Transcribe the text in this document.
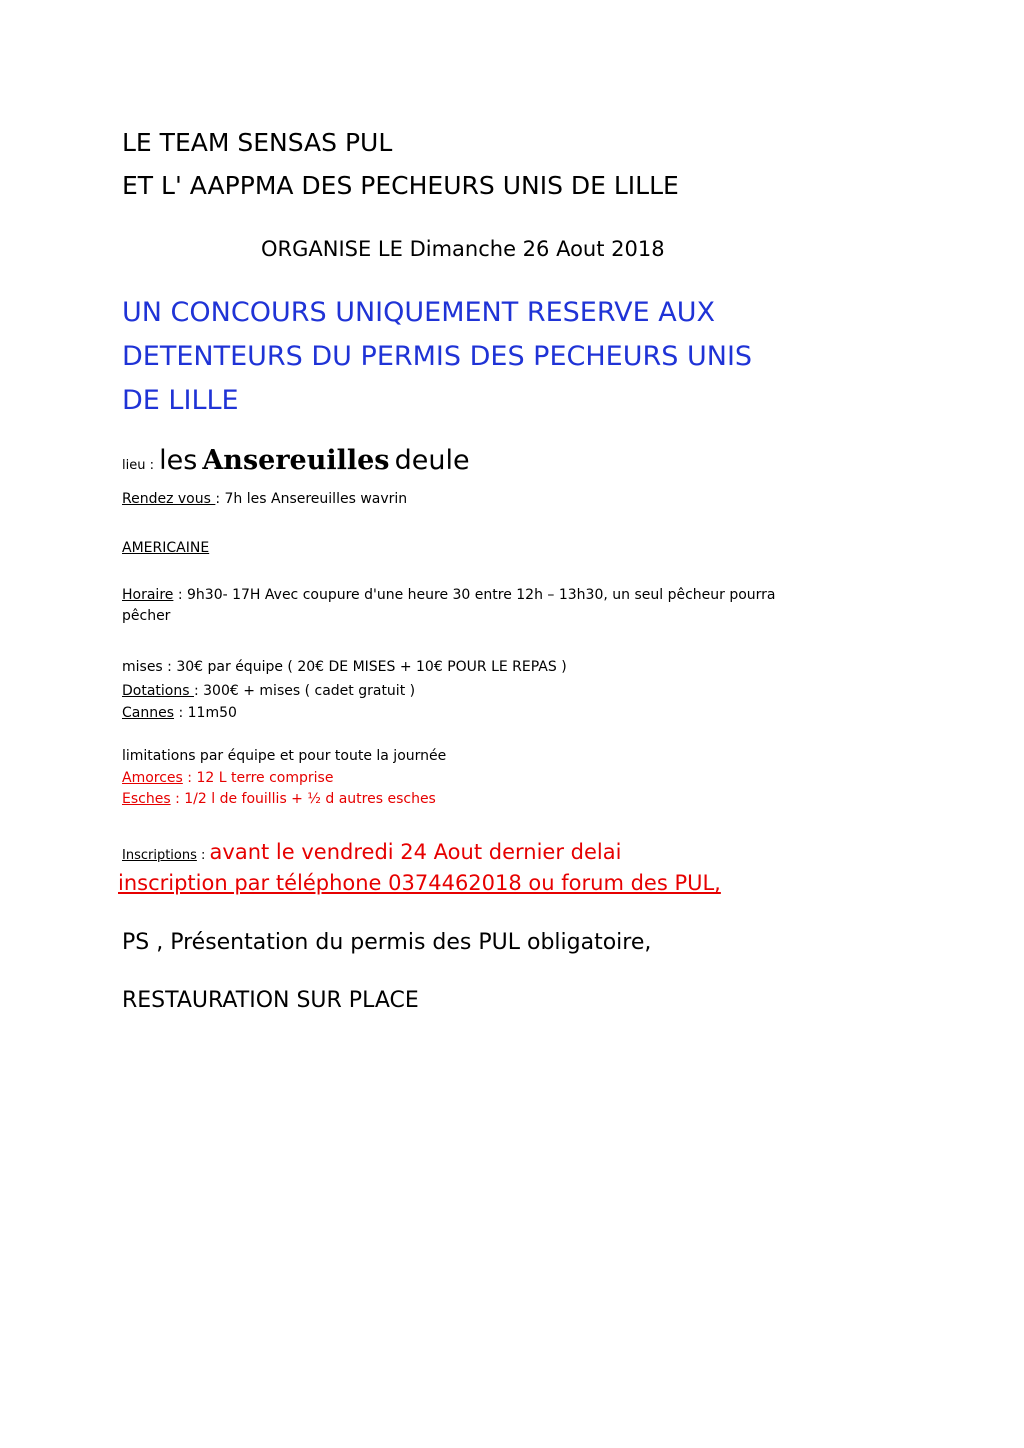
LE TEAM SENSAS PUL
ET L' AAPPMA DES PECHEURS UNIS DE LILLE
ORGANISE LE Dimanche 26 Aout 2018
UN CONCOURS UNIQUEMENT RESERVE AUX
DETENTEURS DU PERMIS DES PECHEURS UNIS
DE LILLE
lieu : les Ansereuilles deule
Rendez vous : 7h les Ansereuilles wavrin
AMERICAINE
Horaire : 9h30- 17H Avec coupure d'une heure 30 entre 12h – 13h30, un seul pêcheur pourra
pêcher
mises : 30€ par équipe ( 20€ DE MISES + 10€ POUR LE REPAS )
Dotations : 300€ + mises ( cadet gratuit )
Cannes : 11m50
limitations par équipe et pour toute la journée
Amorces : 12 L terre comprise
Esches : 1/2 l de fouillis + ½ d autres esches
Inscriptions : avant le vendredi 24 Aout dernier delai
inscription par téléphone 0374462018 ou forum des PUL,
PS , Présentation du permis des PUL obligatoire,
RESTAURATION SUR PLACE
